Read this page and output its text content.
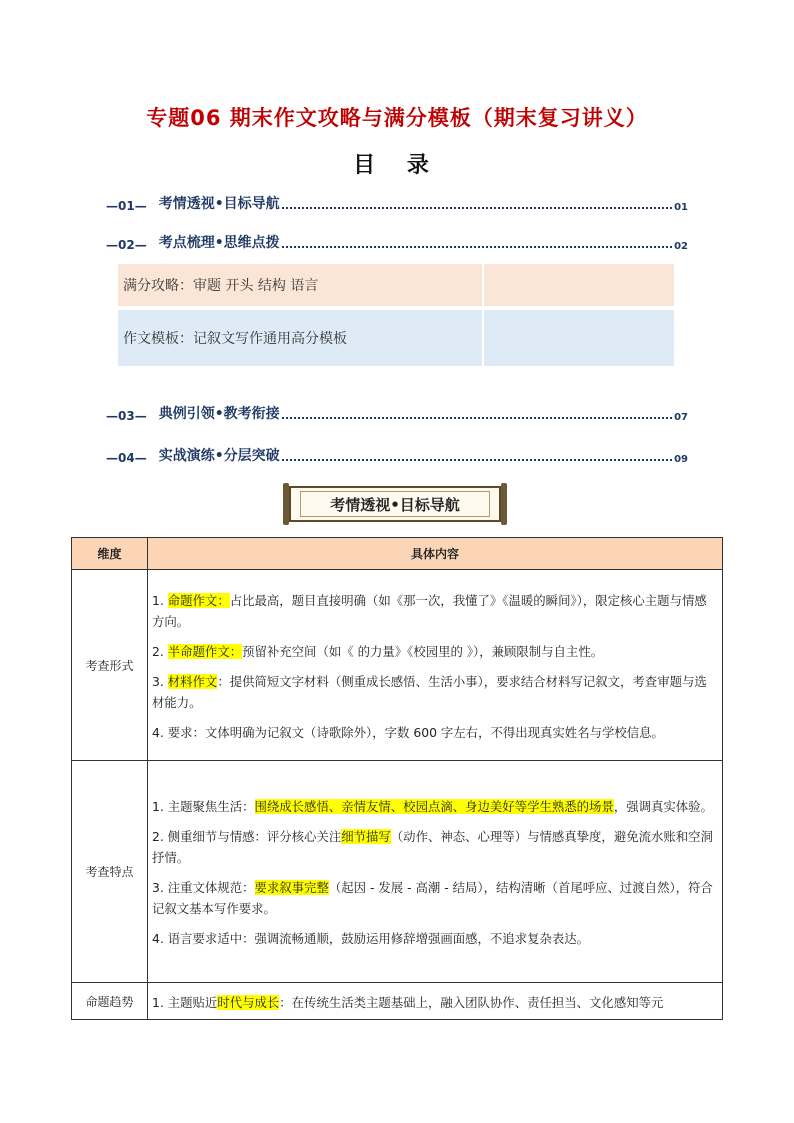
专题06 期末作文攻略与满分模板（期末复习讲义）
目 录
—01— 考情透视•目标导航	01
—02— 考点梳理•思维点拨	02
满分攻略：审题 开头 结构 语言
作文模板：记叙文写作通用高分模板
—03— 典例引领•教考衔接	07
—04— 实战演练•分层突破	09
考情透视•目标导航
维度	具体内容
考查形式	1. 命题作文：占比最高，题目直接明确（如《那一次，我懂了》《温暖的瞬间》），限定核心主题与情感方向。

2. 半命题作文：预留补充空间（如《 的力量》《校园里的 》），兼顾限制与自主性。

3. 材料作文：提供简短文字材料（侧重成长感悟、生活小事），要求结合材料写记叙文，考查审题与选材能力。

4. 要求：文体明确为记叙文（诗歌除外），字数 600 字左右，不得出现真实姓名与学校信息。

考查特点	1. 主题聚焦生活：围绕成长感悟、亲情友情、校园点滴、身边美好等学生熟悉的场景，强调真实体验。

2. 侧重细节与情感：评分核心关注细节描写（动作、神态、心理等）与情感真挚度，避免流水账和空洞抒情。

3. 注重文体规范：要求叙事完整（起因 - 发展 - 高潮 - 结局），结构清晰（首尾呼应、过渡自然），符合记叙文基本写作要求。

4. 语言要求适中：强调流畅通顺，鼓励运用修辞增强画面感，不追求复杂表达。

命题趋势	1. 主题贴近时代与成长：在传统生活类主题基础上，融入团队协作、责任担当、文化感知等元
